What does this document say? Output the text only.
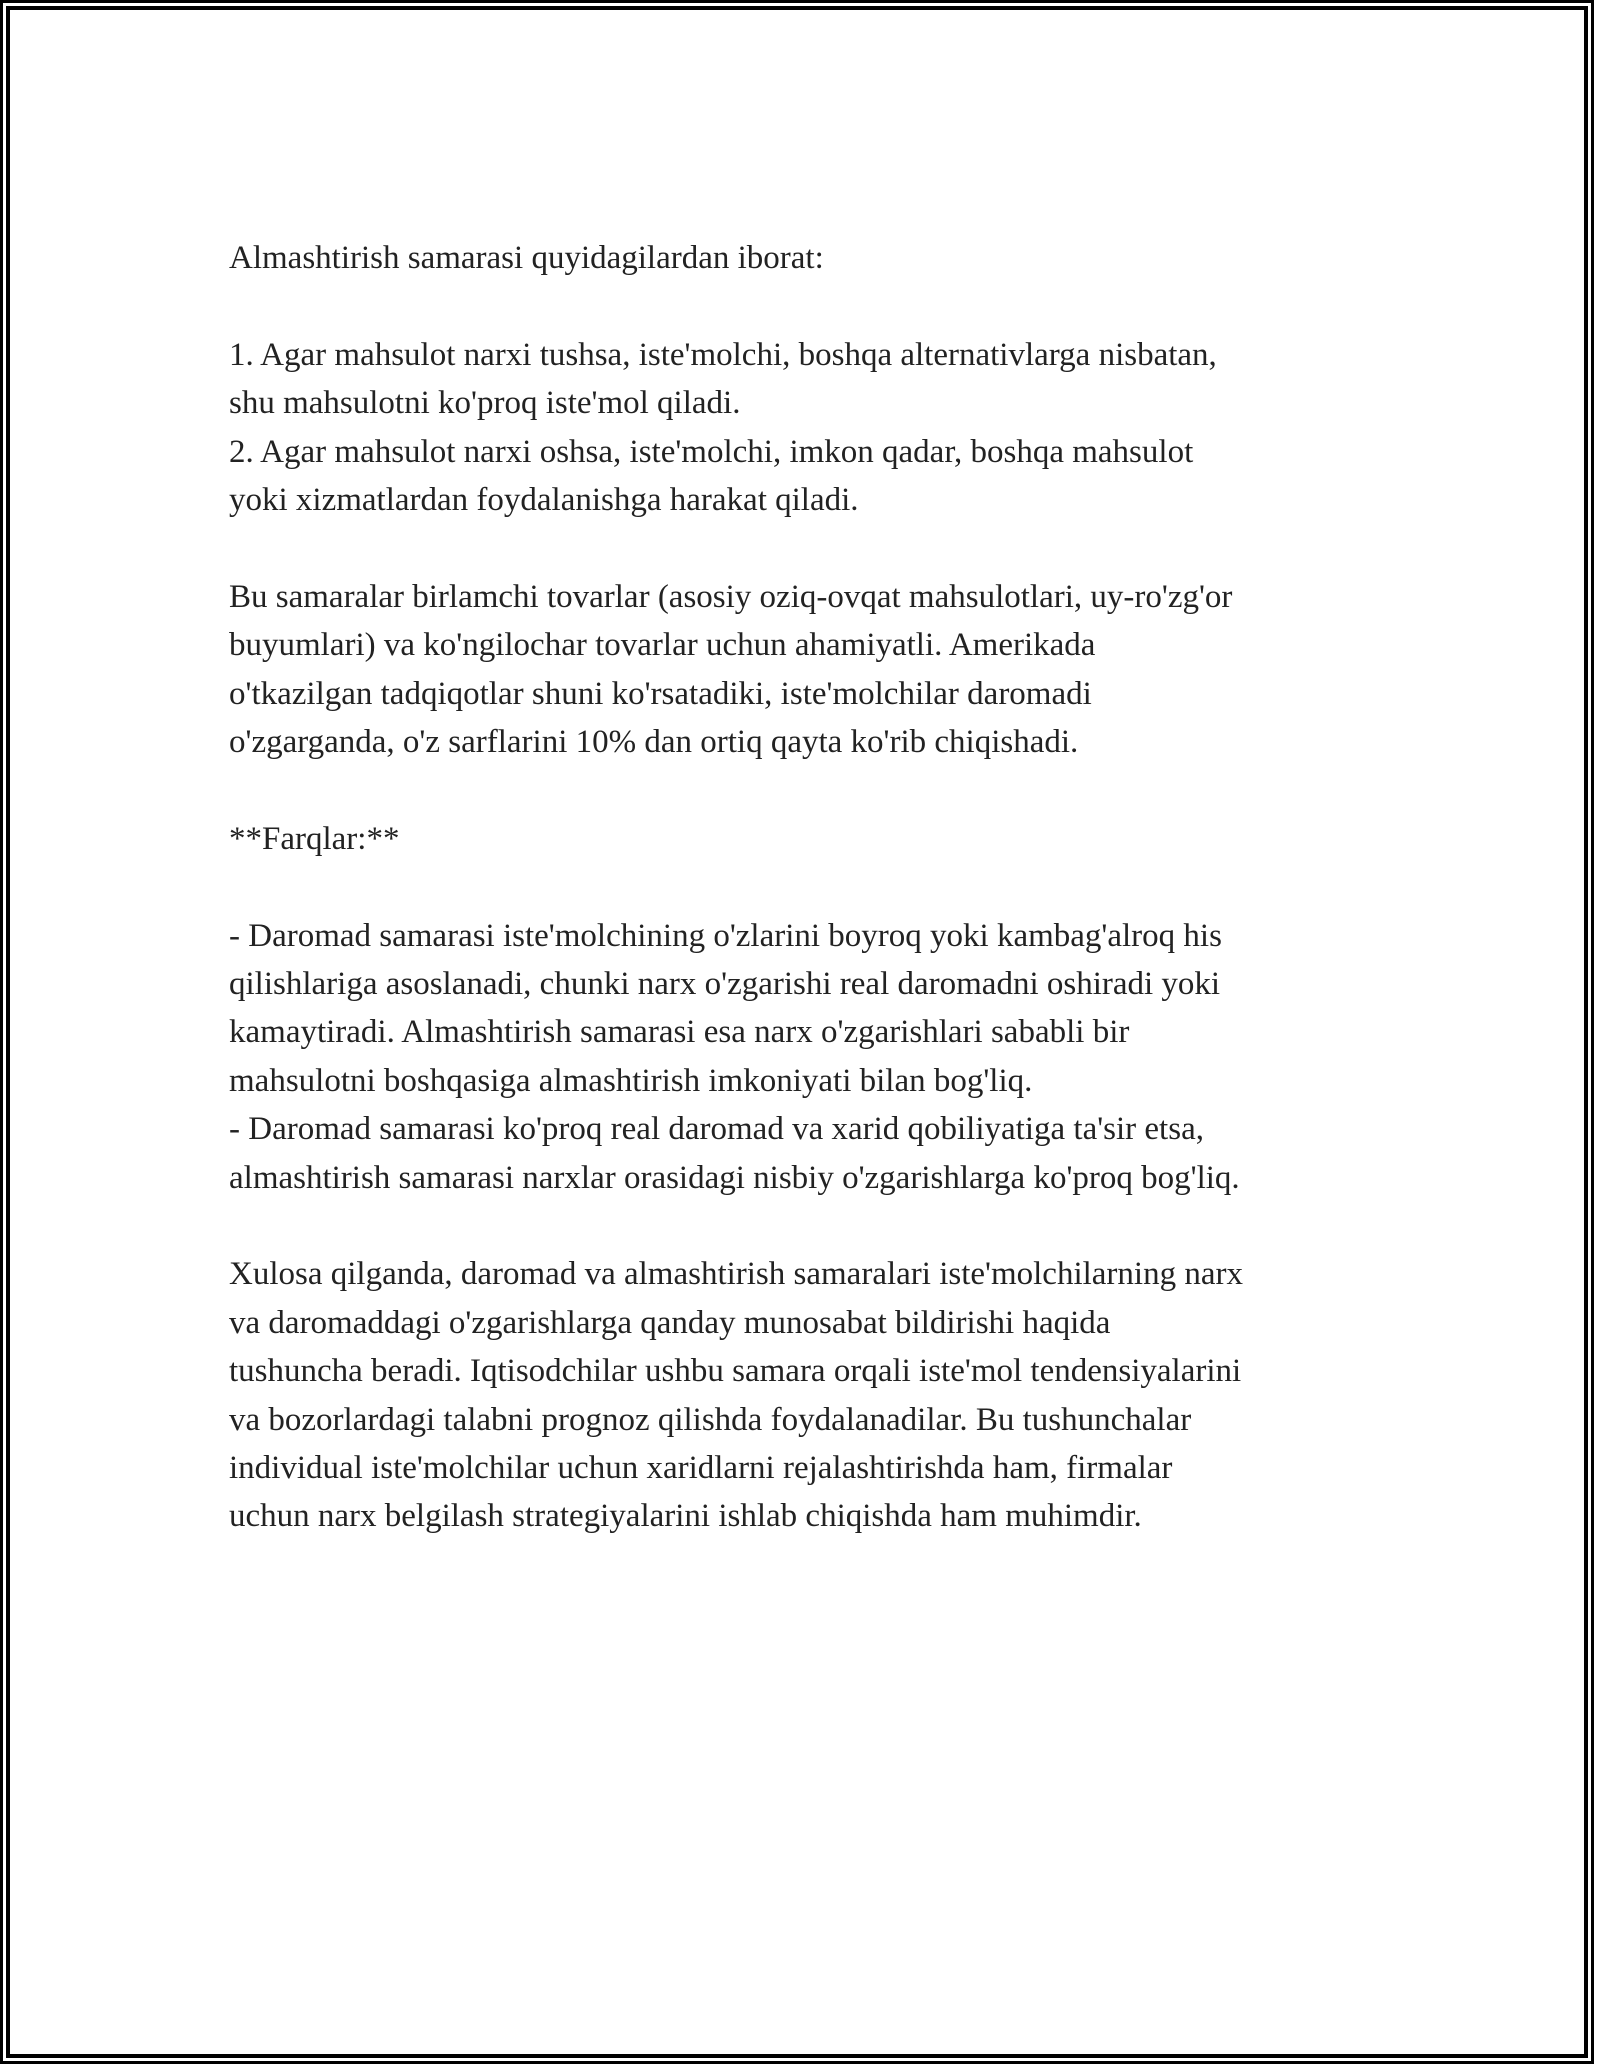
Almashtirish samarasi quyidagilardan iborat:

1. Agar mahsulot narxi tushsa, iste'molchi, boshqa alternativlarga nisbatan,
shu mahsulotni ko'proq iste'mol qiladi.
2. Agar mahsulot narxi oshsa, iste'molchi, imkon qadar, boshqa mahsulot
yoki xizmatlardan foydalanishga harakat qiladi.

Bu samaralar birlamchi tovarlar (asosiy oziq-ovqat mahsulotlari, uy-ro'zg'or
buyumlari) va ko'ngilochar tovarlar uchun ahamiyatli. Amerikada
o'tkazilgan tadqiqotlar shuni ko'rsatadiki, iste'molchilar daromadi
o'zgarganda, o'z sarflarini 10% dan ortiq qayta ko'rib chiqishadi.

**Farqlar:**

- Daromad samarasi iste'molchining o'zlarini boyroq yoki kambag'alroq his
qilishlariga asoslanadi, chunki narx o'zgarishi real daromadni oshiradi yoki
kamaytiradi. Almashtirish samarasi esa narx o'zgarishlari sababli bir
mahsulotni boshqasiga almashtirish imkoniyati bilan bog'liq.
- Daromad samarasi ko'proq real daromad va xarid qobiliyatiga ta'sir etsa,
almashtirish samarasi narxlar orasidagi nisbiy o'zgarishlarga ko'proq bog'liq.

Xulosa qilganda, daromad va almashtirish samaralari iste'molchilarning narx
va daromaddagi o'zgarishlarga qanday munosabat bildirishi haqida
tushuncha beradi. Iqtisodchilar ushbu samara orqali iste'mol tendensiyalarini
va bozorlardagi talabni prognoz qilishda foydalanadilar. Bu tushunchalar
individual iste'molchilar uchun xaridlarni rejalashtirishda ham, firmalar
uchun narx belgilash strategiyalarini ishlab chiqishda ham muhimdir.
